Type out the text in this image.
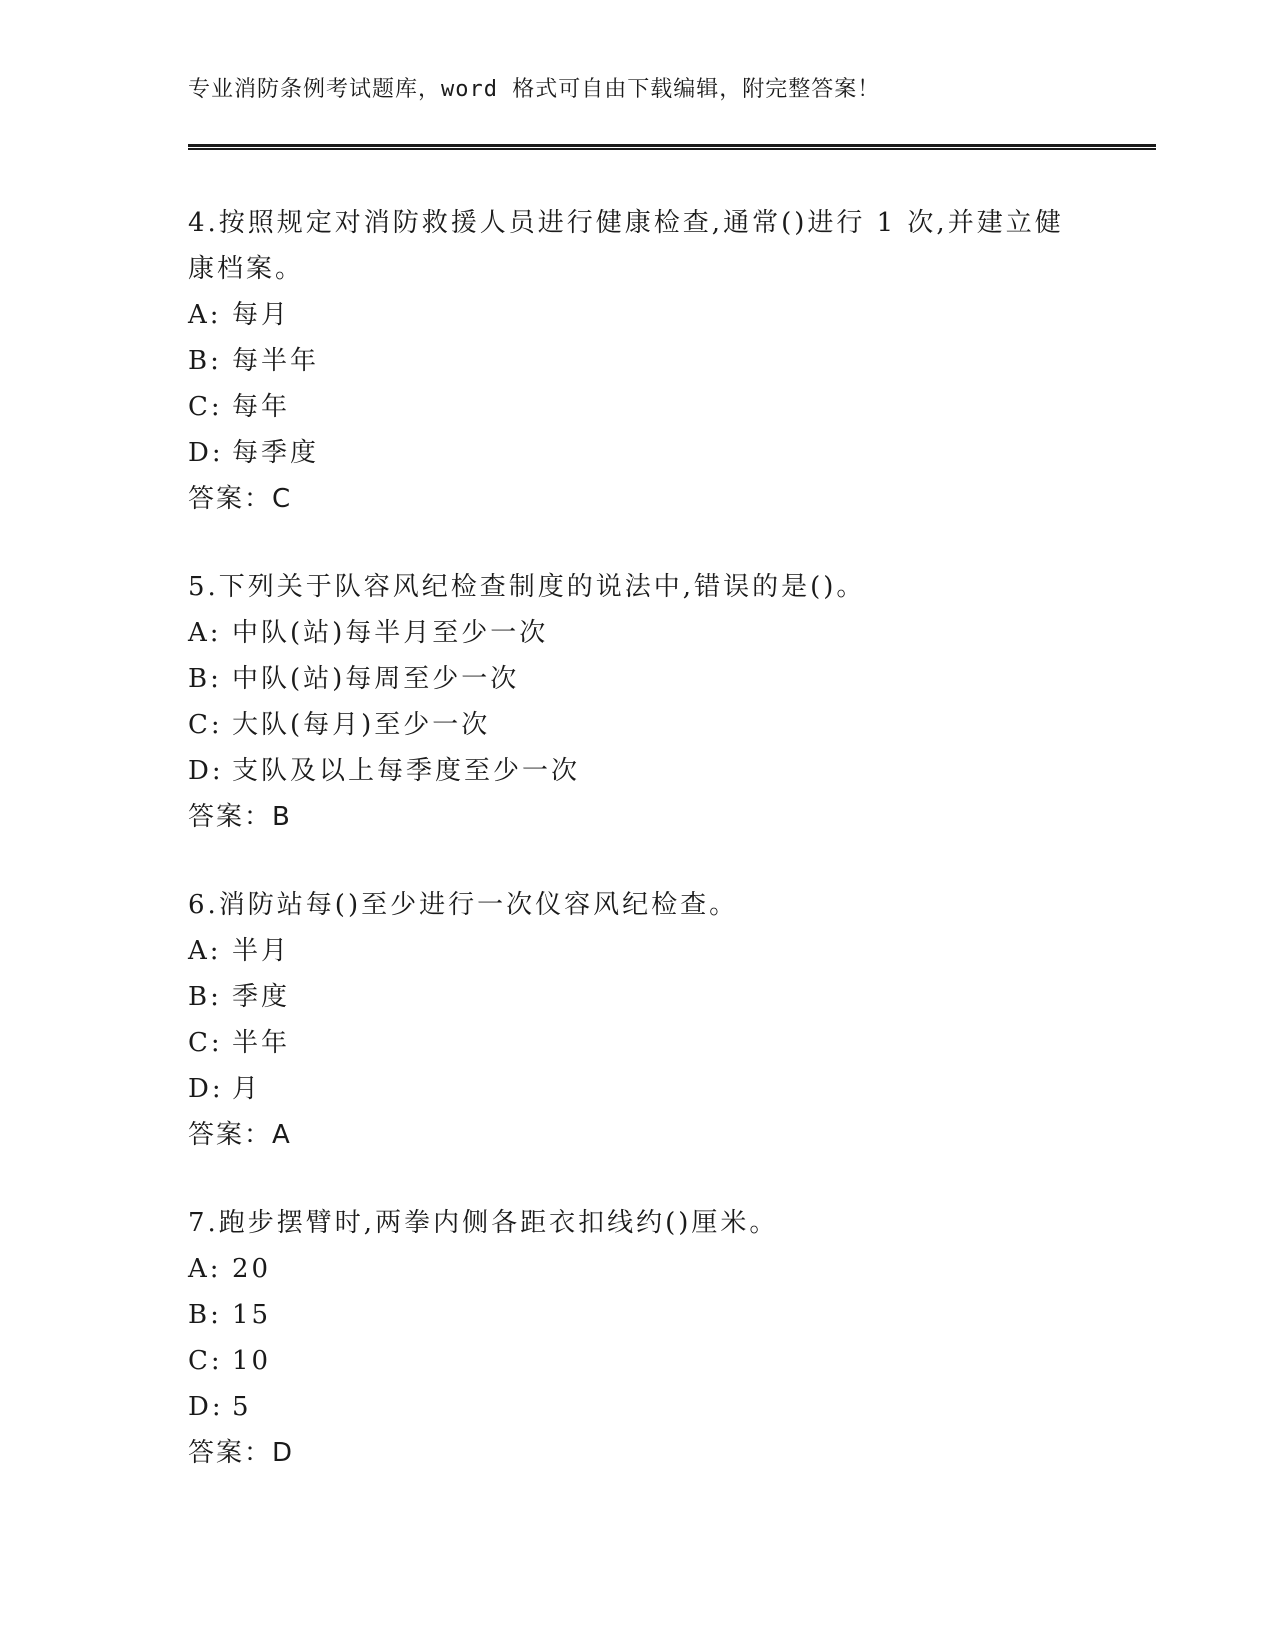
专业消防条例考试题库，word 格式可自由下载编辑，附完整答案！
4.按照规定对消防救援人员进行健康检查,通常()进行 1 次,并建立健康档案。
A: 每月
B: 每半年
C: 每年
D: 每季度
答案：C
5.下列关于队容风纪检查制度的说法中,错误的是()。
A: 中队(站)每半月至少一次
B: 中队(站)每周至少一次
C: 大队(每月)至少一次
D: 支队及以上每季度至少一次
答案：B
6.消防站每()至少进行一次仪容风纪检查。
A: 半月
B: 季度
C: 半年
D: 月
答案：A
7.跑步摆臂时,两拳内侧各距衣扣线约()厘米。
A: 20
B: 15
C: 10
D: 5
答案：D
